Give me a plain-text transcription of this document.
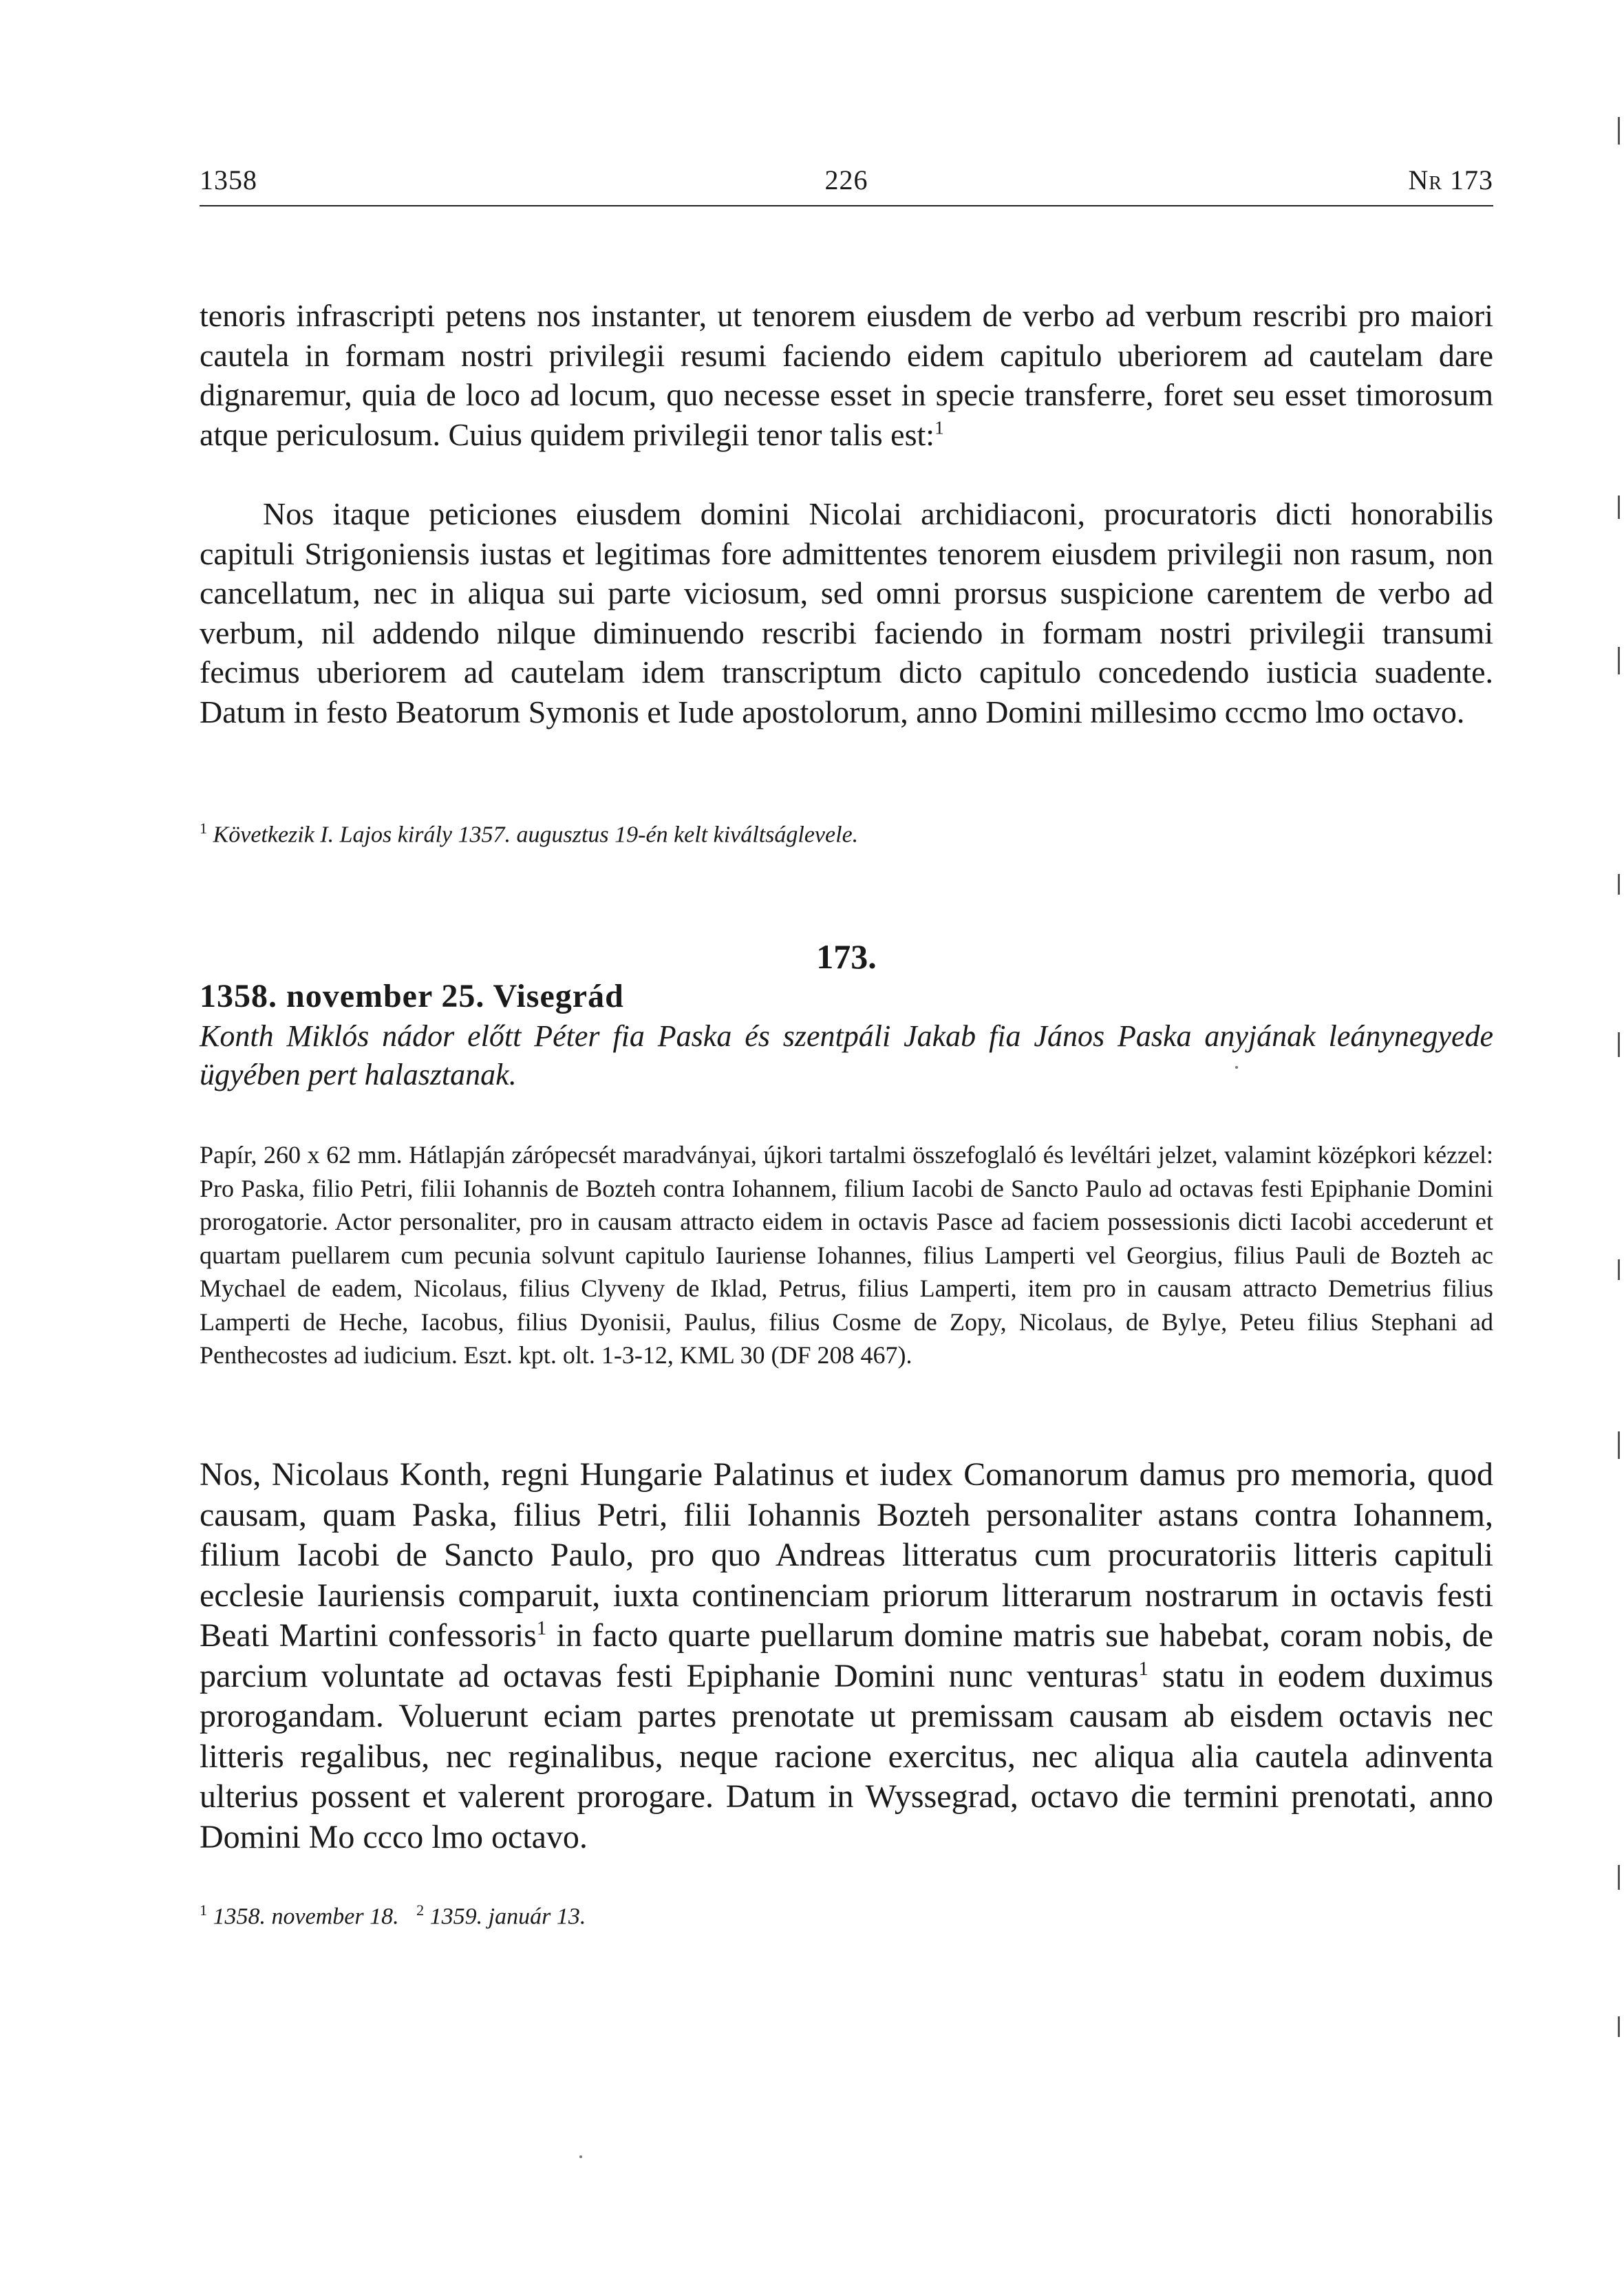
1358	226	Nr 173

tenoris infrascripti petens nos instanter, ut tenorem eiusdem de verbo ad verbum rescribi pro maiori cautela in formam nostri privilegii resumi faciendo eidem capitulo uberiorem ad cautelam dare dignaremur, quia de loco ad locum, quo necesse esset in specie transferre, foret seu esset timorosum atque periculosum. Cuius quidem privilegii tenor talis est:$^1$

Nos itaque peticiones eiusdem domini Nicolai archidiaconi, procuratoris dicti honorabilis capituli Strigoniensis iustas et legitimas fore admittentes tenorem eiusdem privilegii non rasum, non cancellatum, nec in aliqua sui parte viciosum, sed omni prorsus suspicione carentem de verbo ad verbum, nil addendo nilque diminuendo rescribi faciendo in formam nostri privilegii transumi fecimus uberiorem ad cautelam idem transcriptum dicto capitulo concedendo iusticia suadente. Datum in festo Beatorum Symonis et Iude apostolorum, anno Domini millesimo cccmo lmo octavo.

$^1$ Következik I. Lajos király 1357. augusztus 19-én kelt kiváltságlevele.
173.
1358. november 25. Visegrád
Konth Miklós nádor előtt Péter fia Paska és szentpáli Jakab fia János Paska anyjának leánynegyede ügyében pert halasztanak.
Papír, 260 x 62 mm. Hátlapján zárópecsét maradványai, újkori tartalmi összefoglaló és levéltári jelzet, valamint középkori kézzel: Pro Paska, filio Petri, filii Iohannis de Bozteh contra Iohannem, filium Iacobi de Sancto Paulo ad octavas festi Epiphanie Domini prorogatorie. Actor personaliter, pro in causam attracto eidem in octavis Pasce ad faciem possessionis dicti Iacobi accederunt et quartam puellarem cum pecunia solvunt capitulo Iauriense Iohannes, filius Lamperti vel Georgius, filius Pauli de Bozteh ac Mychael de eadem, Nicolaus, filius Clyveny de Iklad, Petrus, filius Lamperti, item pro in causam attracto Demetrius filius Lamperti de Heche, Iacobus, filius Dyonisii, Paulus, filius Cosme de Zopy, Nicolaus, de Bylye, Peteu filius Stephani ad Penthecostes ad iudicium. Eszt. kpt. olt. 1-3-12, KML 30 (DF 208 467).

Nos, Nicolaus Konth, regni Hungarie Palatinus et iudex Comanorum damus pro memoria, quod causam, quam Paska, filius Petri, filii Iohannis Bozteh personaliter astans contra Iohannem, filium Iacobi de Sancto Paulo, pro quo Andreas litteratus cum procuratoriis litteris capituli ecclesie Iauriensis comparuit, iuxta continenciam priorum litterarum nostrarum in octavis festi Beati Martini confessoris$^1$ in facto quarte puellarum domine matris sue habebat, coram nobis, de parcium voluntate ad octavas festi Epiphanie Domini nunc venturas$^1$ statu in eodem duximus prorogandam. Voluerunt eciam partes prenotate ut premissam causam ab eisdem octavis nec litteris regalibus, nec reginalibus, neque racione exercitus, nec aliqua alia cautela adinventa ulterius possent et valerent prorogare. Datum in Wyssegrad, octavo die termini prenotati, anno Domini Mo ccco lmo octavo.

$^1$ 1358. november 18. $^2$ 1359. január 13.
